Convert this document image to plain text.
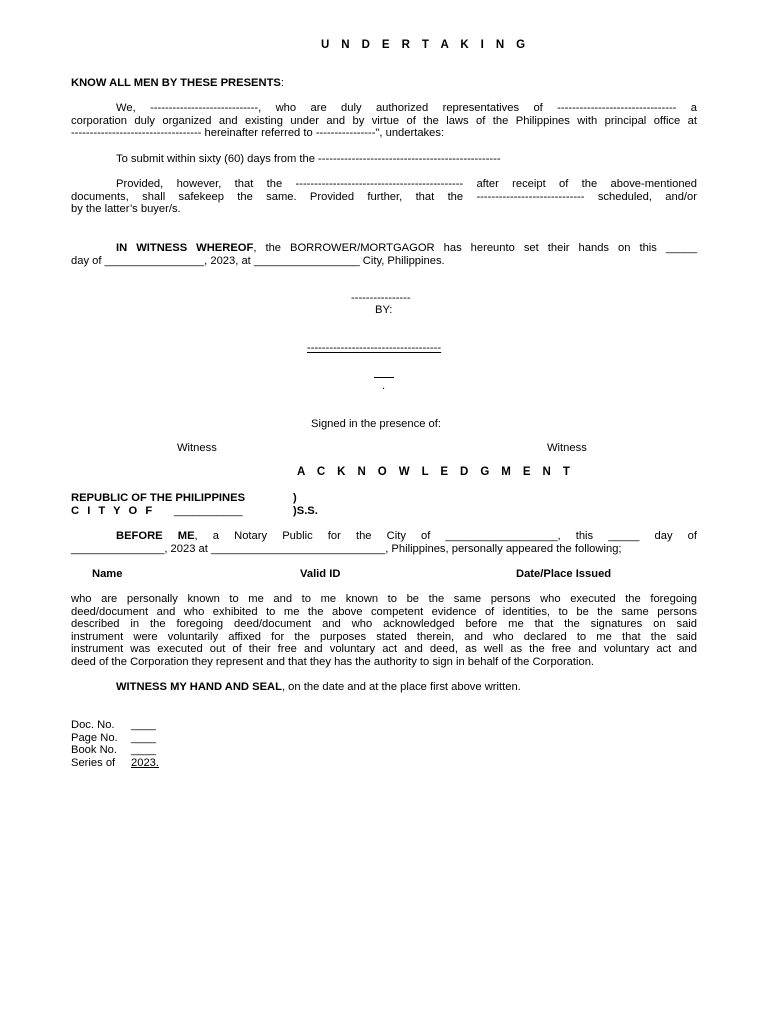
U N D E R T A K I N G
KNOW ALL MEN BY THESE PRESENTS:
We, -----------------------------, who are duly authorized representatives of -------------------------------- a
corporation duly organized and existing under and by virtue of the laws of the Philippines with principal office at
----------------------------------- hereinafter referred to ----------------", undertakes:
To submit within sixty (60) days from the -------------------------------------------------
Provided, however, that the --------------------------------------------- after receipt of the above-mentioned
documents, shall safekeep the same. Provided further, that the ----------------------------- scheduled, and/or
by the latter’s buyer/s.
IN WITNESS WHEREOF, the BORROWER/MORTGAGOR has hereunto set their hands on this _____
day of ________________, 2023, at _________________ City, Philippines.
----------------
BY:
------------------------------------
.
Signed in the presence of:
Witness	Witness
A C K N O W L E D G M E N T
REPUBLIC OF THE PHILIPPINES	)
C I T Y O F ___________	)S.S.
BEFORE ME, a Notary Public for the City of __________________, this _____ day of
_______________, 2023 at ____________________________, Philippines, personally appeared the following;
Name	Valid ID	Date/Place Issued
who are personally known to me and to me known to be the same persons who executed the foregoing
deed/document and who exhibited to me the above competent evidence of identities, to be the same persons
described in the foregoing deed/document and who acknowledged before me that the signatures on said
instrument were voluntarily affixed for the purposes stated therein, and who declared to me that the said
instrument was executed out of their free and voluntary act and deed, as well as the free and voluntary act and
deed of the Corporation they represent and that they has the authority to sign in behalf of the Corporation.
WITNESS MY HAND AND SEAL, on the date and at the place first above written.
Doc. No. ____
Page No. ____
Book No. ____
Series of 2023.
